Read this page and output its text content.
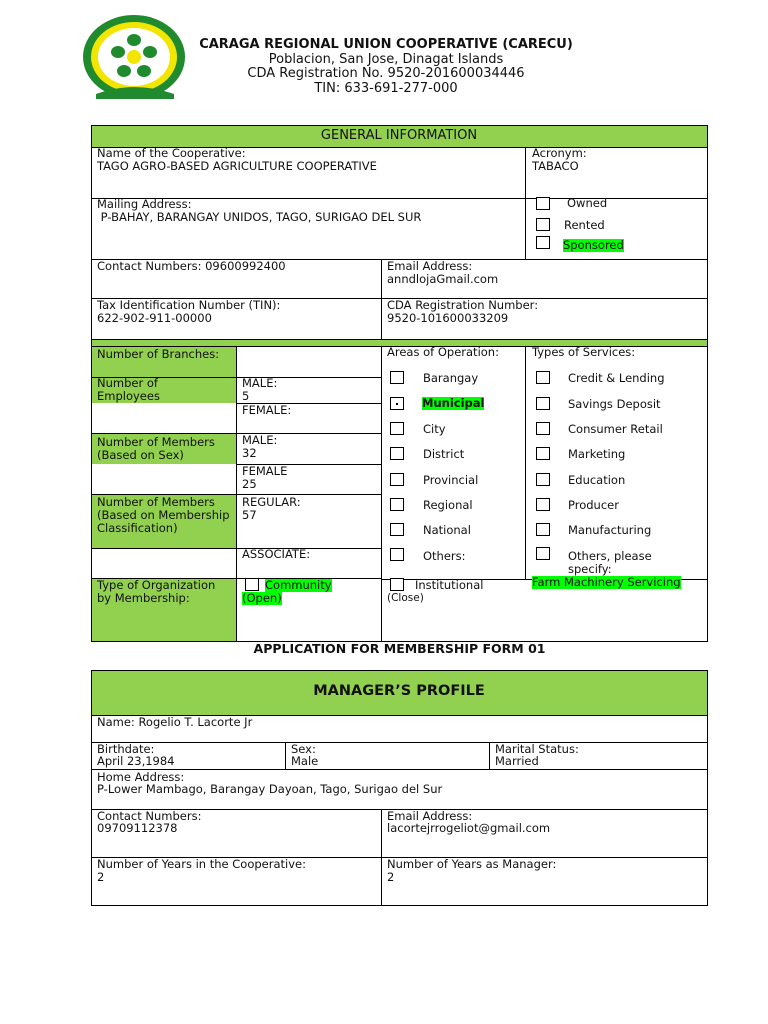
CARAGA REGIONAL UNION COOPERATIVE (CARECU)
Poblacion, San Jose, Dinagat Islands
CDA Registration No. 9520-201600034446
TIN: 633-691-277-000
GENERAL INFORMATION
Name of the Cooperative:
TAGO AGRO-BASED AGRICULTURE COOPERATIVE
Acronym:
TABACO
Mailing Address:
P-BAHAY, BARANGAY UNIDOS, TAGO, SURIGAO DEL SUR
Owned
Rented
Sponsored
Contact Numbers: 09600992400	Email Address:
anndlojaGmail.com
Tax Identification Number (TIN):
622-902-911-00000
CDA Registration Number:
9520-101600033209
Number of Branches:
Number of Employees
MALE:
5
FEMALE:
Number of Members (Based on Sex)
MALE:
32
FEMALE
25
Number of Members (Based on Membership Classification)
REGULAR:
57
ASSOCIATE:
Type of Organization by Membership:
Community
(Open)
Institutional
(Close)
Areas of Operation:
Barangay
Municipal
City
District
Provincial
Regional
National
Others:
Types of Services:
Credit & Lending
Savings Deposit
Consumer Retail
Marketing
Education
Producer
Manufacturing
Others, please specify:
Farm Machinery Servicing
APPLICATION FOR MEMBERSHIP FORM 01
MANAGER’S PROFILE
Name: Rogelio T. Lacorte Jr
Birthdate:
April 23,1984
Sex:
Male
Marital Status:
Married
Home Address:
P-Lower Mambago, Barangay Dayoan, Tago, Surigao del Sur
Contact Numbers:
09709112378
Email Address:
lacortejrrogeliot@gmail.com
Number of Years in the Cooperative:
2
Number of Years as Manager:
2
